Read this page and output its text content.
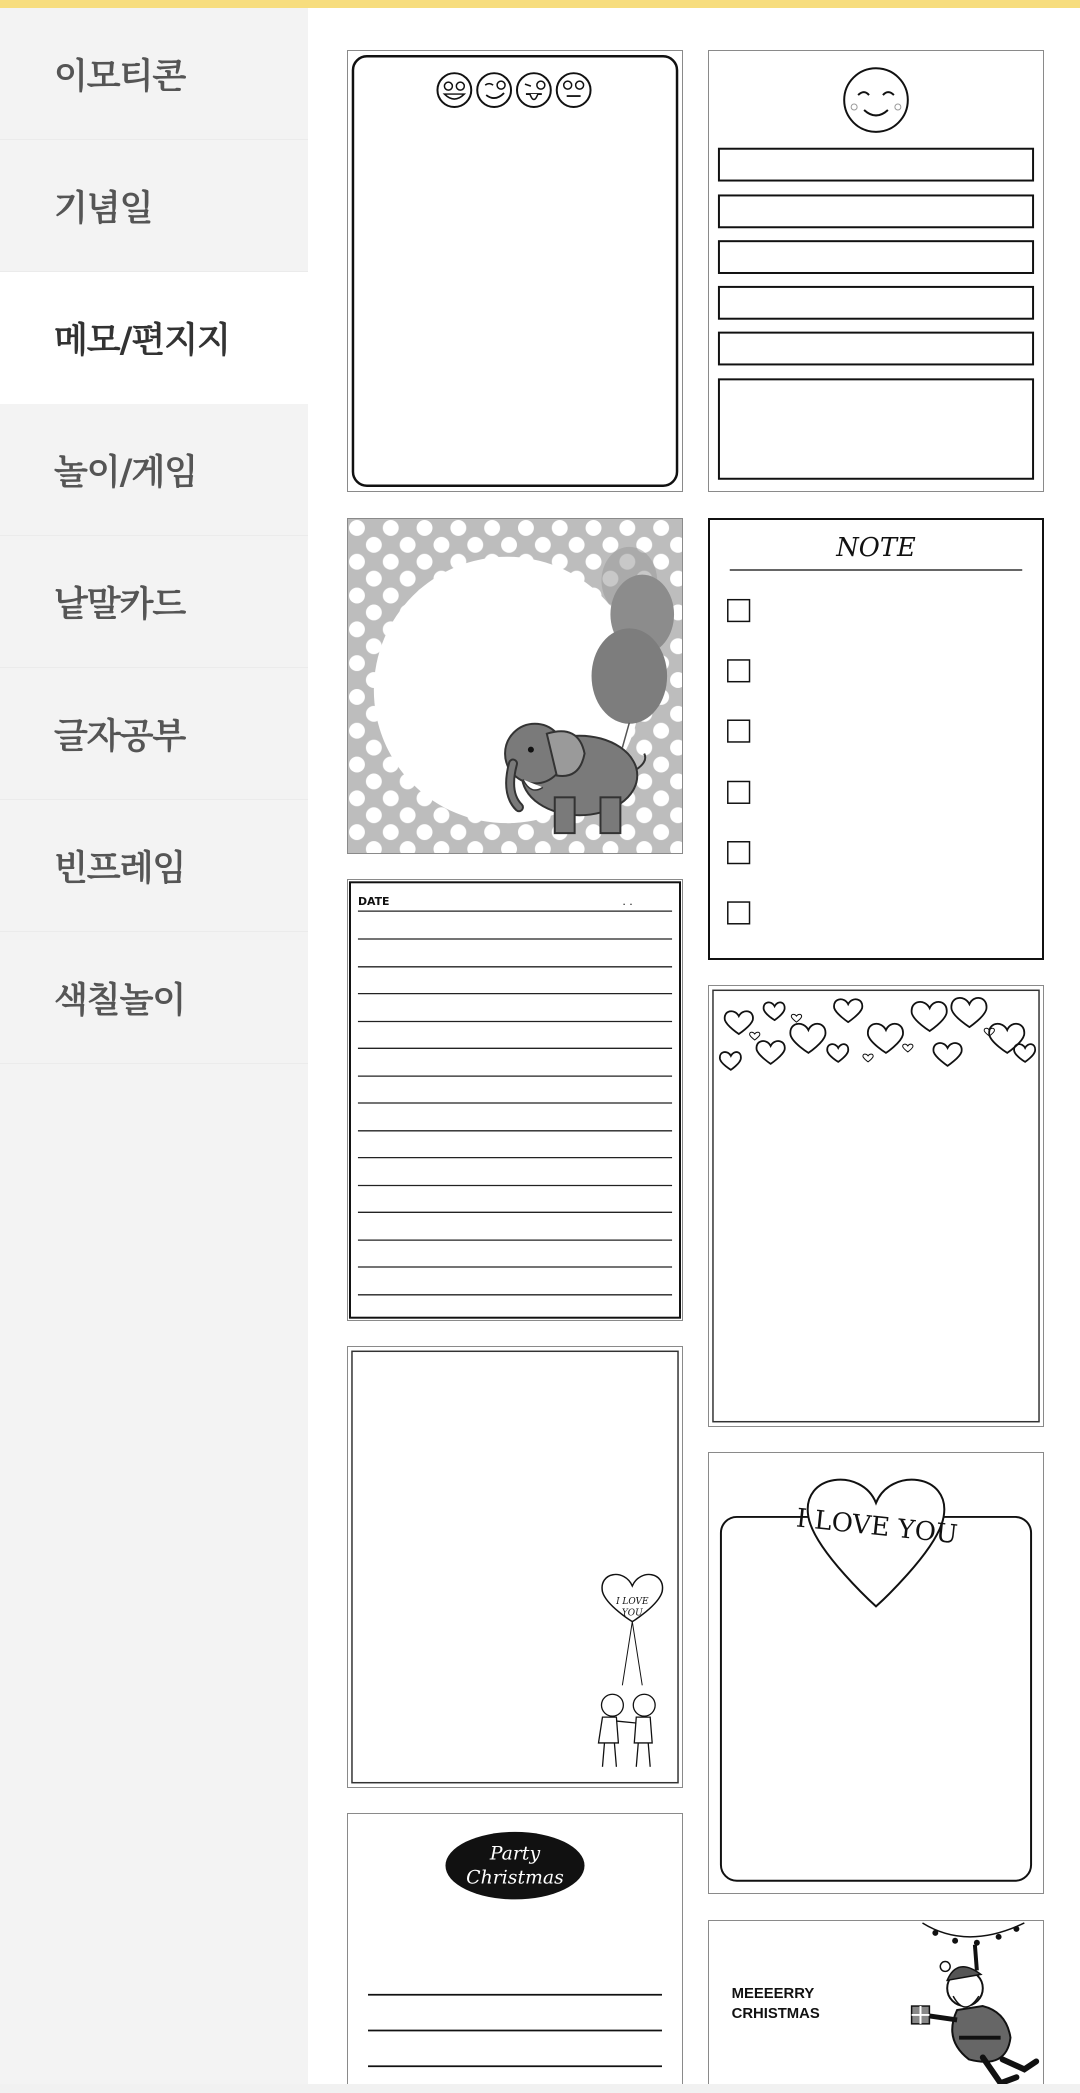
이모티콘
기념일
메모/편지지
놀이/게임
낱말카드
글자공부
빈프레임
색칠놀이
NOTE
DATE	. .
I LOVE
YOU
I LOVE YOU
Party
Christmas
MEEEERRY
CRHISTMAS
